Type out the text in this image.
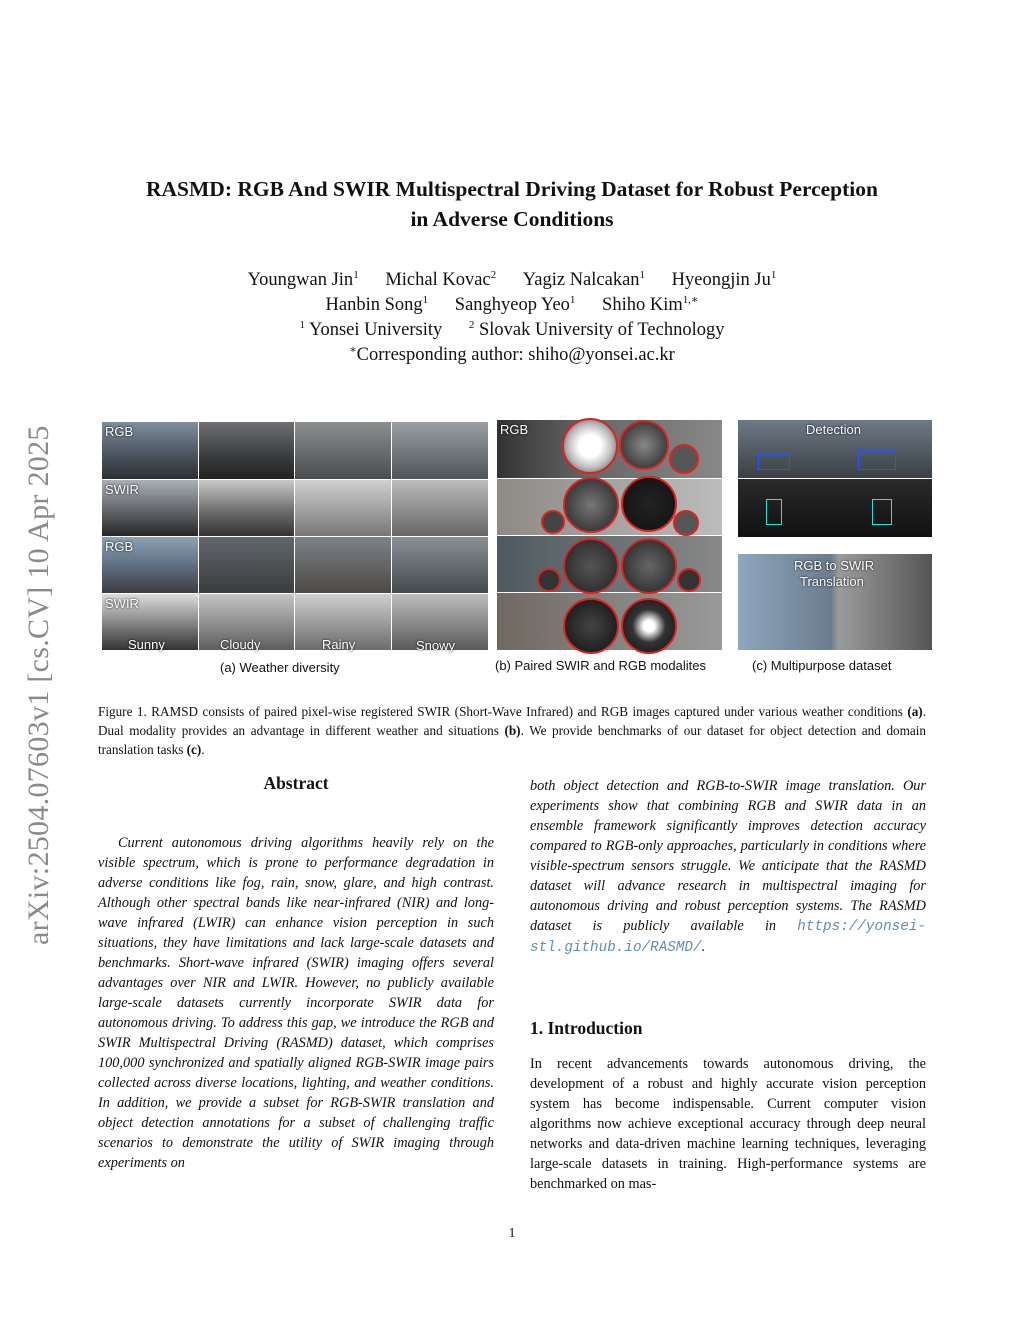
arXiv:2504.07603v1 [cs.CV] 10 Apr 2025
RASMD: RGB And SWIR Multispectral Driving Dataset for Robust Perception
in Adverse Conditions
Youngwan Jin$^1$ Michal Kovac$^2$ Yagiz Nalcakan$^1$ Hyeongjin Ju$^1$
Hanbin Song$^1$ Sanghyeop Yeo$^1$ Shiho Kim$^{1,∗}$
$^1$ Yonsei University $^2$ Slovak University of Technology
∗Corresponding author: shiho@yonsei.ac.kr
RGB
SWIR
RGB
SWIR
Sunny	Cloudy	Rainy	Snowy
(a) Weather diversity
RGB
(b) Paired SWIR and RGB modalites
Detection
RGB to SWIR
Translation
(c) Multipurpose dataset
Figure 1. RAMSD consists of paired pixel-wise registered SWIR (Short-Wave Infrared) and RGB images captured under various weather conditions (a). Dual modality provides an advantage in different weather and situations (b). We provide benchmarks of our dataset for object detection and domain translation tasks (c).
Abstract
Current autonomous driving algorithms heavily rely on the visible spectrum, which is prone to performance degradation in adverse conditions like fog, rain, snow, glare, and high contrast. Although other spectral bands like near-infrared (NIR) and long-wave infrared (LWIR) can enhance vision perception in such situations, they have limitations and lack large-scale datasets and benchmarks. Short-wave infrared (SWIR) imaging offers several advantages over NIR and LWIR. However, no publicly available large-scale datasets currently incorporate SWIR data for autonomous driving. To address this gap, we introduce the RGB and SWIR Multispectral Driving (RASMD) dataset, which comprises 100,000 synchronized and spatially aligned RGB-SWIR image pairs collected across diverse locations, lighting, and weather conditions. In addition, we provide a subset for RGB-SWIR translation and object detection annotations for a subset of challenging traffic scenarios to demonstrate the utility of SWIR imaging through experiments on
both object detection and RGB-to-SWIR image translation. Our experiments show that combining RGB and SWIR data in an ensemble framework significantly improves detection accuracy compared to RGB-only approaches, particularly in conditions where visible-spectrum sensors struggle. We anticipate that the RASMD dataset will advance research in multispectral imaging for autonomous driving and robust perception systems. The RASMD dataset is publicly available in https://yonsei-stl.github.io/RASMD/.
1. Introduction
In recent advancements towards autonomous driving, the development of a robust and highly accurate vision perception system has become indispensable. Current computer vision algorithms now achieve exceptional accuracy through deep neural networks and data-driven machine learning techniques, leveraging large-scale datasets in training. High-performance systems are benchmarked on mas-
1
